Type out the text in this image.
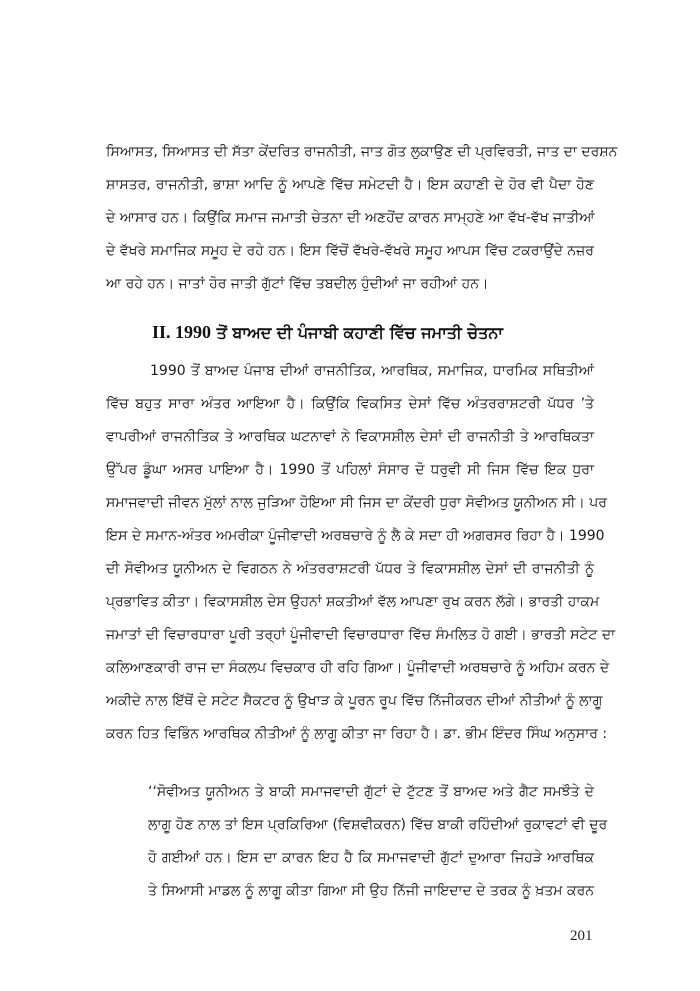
ਸਿਆਸਤ, ਸਿਆਸਤ ਦੀ ਸੱਤਾ ਕੇਂਦਰਿਤ ਰਾਜਨੀਤੀ, ਜਾਤ ਗੋਤ ਲੁਕਾਉਣ ਦੀ ਪ੍ਰਵਿਰਤੀ, ਜਾਤ ਦਾ ਦਰਸ਼ਨ
ਸ਼ਾਸਤਰ, ਰਾਜਨੀਤੀ, ਭਾਸ਼ਾ ਆਦਿ ਨੂੰ ਆਪਣੇ ਵਿੱਚ ਸਮੇਟਦੀ ਹੈ। ਇਸ ਕਹਾਣੀ ਦੇ ਹੋਰ ਵੀ ਪੈਦਾ ਹੋਣ
ਦੇ ਆਸਾਰ ਹਨ। ਕਿਉਂਕਿ ਸਮਾਜ ਜਮਾਤੀ ਚੇਤਨਾ ਦੀ ਅਣਹੋਂਦ ਕਾਰਨ ਸਾਮ੍ਹਣੇ ਆ ਵੱਖ-ਵੱਖ ਜਾਤੀਆਂ
ਦੇ ਵੱਖਰੇ ਸਮਾਜਿਕ ਸਮੂਹ ਦੇ ਰਹੇ ਹਨ। ਇਸ ਵਿੱਚੋਂ ਵੱਖਰੇ-ਵੱਖਰੇ ਸਮੂਹ ਆਪਸ ਵਿੱਚ ਟਕਰਾਉਂਦੇ ਨਜ਼ਰ
ਆ ਰਹੇ ਹਨ। ਜਾਤਾਂ ਹੋਰ ਜਾਤੀ ਗੁੱਟਾਂ ਵਿੱਚ ਤਬਦੀਲ ਹੁੰਦੀਆਂ ਜਾ ਰਹੀਆਂ ਹਨ।
II. 1990 ਤੋਂ ਬਾਅਦ ਦੀ ਪੰਜਾਬੀ ਕਹਾਣੀ ਵਿੱਚ ਜਮਾਤੀ ਚੇਤਨਾ
1990 ਤੋਂ ਬਾਅਦ ਪੰਜਾਬ ਦੀਆਂ ਰਾਜਨੀਤਿਕ, ਆਰਥਿਕ, ਸਮਾਜਿਕ, ਧਾਰਮਿਕ ਸਥਿਤੀਆਂ
ਵਿੱਚ ਬਹੁਤ ਸਾਰਾ ਅੰਤਰ ਆਇਆ ਹੈ। ਕਿਉਂਕਿ ਵਿਕਸਿਤ ਦੇਸਾਂ ਵਿੱਚ ਅੰਤਰਰਾਸ਼ਟਰੀ ਪੱਧਰ ’ਤੇ
ਵਾਪਰੀਆਂ ਰਾਜਨੀਤਿਕ ਤੇ ਆਰਥਿਕ ਘਟਨਾਵਾਂ ਨੇ ਵਿਕਾਸਸ਼ੀਲ ਦੇਸਾਂ ਦੀ ਰਾਜਨੀਤੀ ਤੇ ਆਰਥਿਕਤਾ
ਉੱਪਰ ਡੂੰਘਾ ਅਸਰ ਪਾਇਆ ਹੈ। 1990 ਤੋਂ ਪਹਿਲਾਂ ਸੰਸਾਰ ਦੋ ਧਰੁਵੀ ਸੀ ਜਿਸ ਵਿੱਚ ਇਕ ਧੁਰਾ
ਸਮਾਜਵਾਦੀ ਜੀਵਨ ਮੁੱਲਾਂ ਨਾਲ ਜੁੜਿਆ ਹੋਇਆ ਸੀ ਜਿਸ ਦਾ ਕੇਂਦਰੀ ਧੁਰਾ ਸੋਵੀਅਤ ਯੂਨੀਅਨ ਸੀ। ਪਰ
ਇਸ ਦੇ ਸਮਾਨ-ਅੰਤਰ ਅਮਰੀਕਾ ਪੂੰਜੀਵਾਦੀ ਅਰਥਚਾਰੇ ਨੂੰ ਲੈ ਕੇ ਸਦਾ ਹੀ ਅਗਰਸਰ ਰਿਹਾ ਹੈ। 1990
ਦੀ ਸੋਵੀਅਤ ਯੂਨੀਅਨ ਦੇ ਵਿਗਠਨ ਨੇ ਅੰਤਰਰਾਸ਼ਟਰੀ ਪੱਧਰ ਤੇ ਵਿਕਾਸਸ਼ੀਲ ਦੇਸਾਂ ਦੀ ਰਾਜਨੀਤੀ ਨੂੰ
ਪ੍ਰਭਾਵਿਤ ਕੀਤਾ। ਵਿਕਾਸਸ਼ੀਲ ਦੇਸ ਉਹਨਾਂ ਸ਼ਕਤੀਆਂ ਵੱਲ ਆਪਣਾ ਰੁਖ ਕਰਨ ਲੱਗੇ। ਭਾਰਤੀ ਹਾਕਮ
ਜਮਾਤਾਂ ਦੀ ਵਿਚਾਰਧਾਰਾ ਪੂਰੀ ਤਰ੍ਹਾਂ ਪੂੰਜੀਵਾਦੀ ਵਿਚਾਰਧਾਰਾ ਵਿੱਚ ਸੰਮਲਿਤ ਹੋ ਗਈ। ਭਾਰਤੀ ਸਟੇਟ ਦਾ
ਕਲਿਆਣਕਾਰੀ ਰਾਜ ਦਾ ਸੰਕਲਪ ਵਿਚਕਾਰ ਹੀ ਰਹਿ ਗਿਆ। ਪੂੰਜੀਵਾਦੀ ਅਰਥਚਾਰੇ ਨੂੰ ਅਹਿਮ ਕਰਨ ਦੇ
ਅਕੀਦੇ ਨਾਲ ਇੱਥੋਂ ਦੇ ਸਟੇਟ ਸੈਕਟਰ ਨੂੰ ਉਖਾੜ ਕੇ ਪੂਰਨ ਰੂਪ ਵਿੱਚ ਨਿੱਜੀਕਰਨ ਦੀਆਂ ਨੀਤੀਆਂ ਨੂੰ ਲਾਗੂ
ਕਰਨ ਹਿਤ ਵਿਭਿੰਨ ਆਰਥਿਕ ਨੀਤੀਆਂ ਨੂੰ ਲਾਗੂ ਕੀਤਾ ਜਾ ਰਿਹਾ ਹੈ। ਡਾ. ਭੀਮ ਇੰਦਰ ਸਿੰਘ ਅਨੁਸਾਰ :
‘‘ਸੋਵੀਅਤ ਯੂਨੀਅਨ ਤੇ ਬਾਕੀ ਸਮਾਜਵਾਦੀ ਗੁੱਟਾਂ ਦੇ ਟੁੱਟਣ ਤੋਂ ਬਾਅਦ ਅਤੇ ਗੈਟ ਸਮਝੌਤੇ ਦੇ
ਲਾਗੂ ਹੋਣ ਨਾਲ ਤਾਂ ਇਸ ਪ੍ਰਕਿਰਿਆ (ਵਿਸ਼ਵੀਕਰਨ) ਵਿੱਚ ਬਾਕੀ ਰਹਿੰਦੀਆਂ ਰੁਕਾਵਟਾਂ ਵੀ ਦੂਰ
ਹੋ ਗਈਆਂ ਹਨ। ਇਸ ਦਾ ਕਾਰਨ ਇਹ ਹੈ ਕਿ ਸਮਾਜਵਾਦੀ ਗੁੱਟਾਂ ਦੁਆਰਾ ਜਿਹੜੇ ਆਰਥਿਕ
ਤੇ ਸਿਆਸੀ ਮਾਡਲ ਨੂੰ ਲਾਗੂ ਕੀਤਾ ਗਿਆ ਸੀ ਉਹ ਨਿੱਜੀ ਜਾਇਦਾਦ ਦੇ ਤਰਕ ਨੂੰ ਖ਼ਤਮ ਕਰਨ
201
